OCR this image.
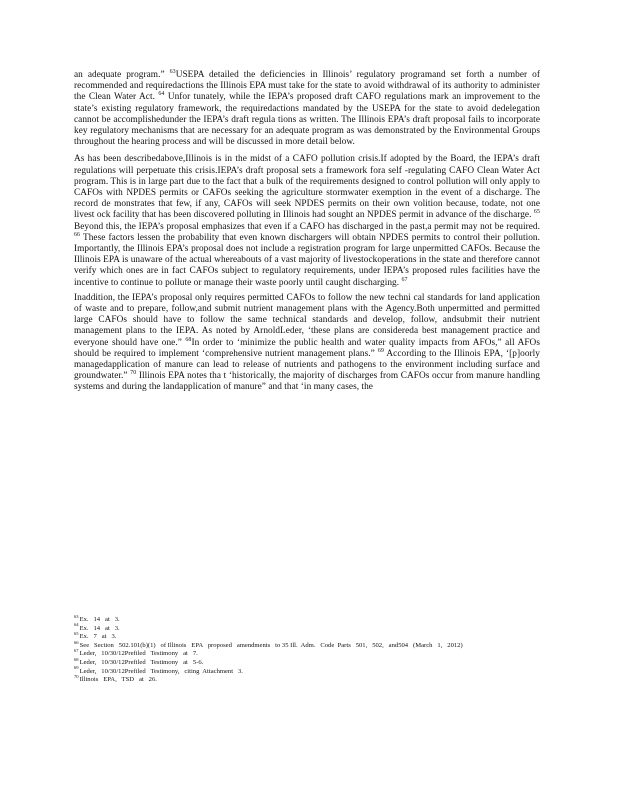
an adequate program.” $^{63}$USEPA detailed the deficiencies in Illinois’ regulatory programand set forth a number of recommended and requiredactions the Illinois EPA must take for the state to avoid withdrawal of its authority to administer the Clean Water Act. $^{64}$ Unfor tunately, while the IEPA’s proposed draft CAFO regulations mark an improvement to the state’s existing regulatory framework, the requiredactions mandated by the USEPA for the state to avoid dedelegation cannot be accomplishedunder the IEPA’s draft regula tions as written. The Illinois EPA’s draft proposal fails to incorporate key regulatory mechanisms that are necessary for an adequate program as was demonstrated by the Environmental Groups throughout the hearing process and will be discussed in more detail below.

As has been describedabove,Illinois is in the midst of a CAFO pollution crisis.If adopted by the Board, the IEPA’s draft regulations will perpetuate this crisis.IEPA’s draft proposal sets a framework fora self -regulating CAFO Clean Water Act program. This is in large part due to the fact that a bulk of the requirements designed to control pollution will only apply to CAFOs with NPDES permits or CAFOs seeking the agriculture stormwater exemption in the event of a discharge. The record de monstrates that few, if any, CAFOs will seek NPDES permits on their own volition because, todate, not one livest ock facility that has been discovered polluting in Illinois had sought an NPDES permit in advance of the discharge. $^{65}$ Beyond this, the IEPA’s proposal emphasizes that even if a CAFO has discharged in the past,a permit may not be required. $^{66}$ These factors lessen the probability that even known dischargers will obtain NPDES permits to control their pollution. Importantly, the Illinois EPA’s proposal does not include a registration program for large unpermitted CAFOs. Because the Illinois EPA is unaware of the actual whereabouts of a vast majority of livestockoperations in the state and therefore cannot verify which ones are in fact CAFOs subject to regulatory requirements, under IEPA’s proposed rules facilities have the incentive to continue to pollute or manage their waste poorly until caught discharging. $^{67}$

Inaddition, the IEPA’s proposal only requires permitted CAFOs to follow the new techni cal standards for land application of waste and to prepare, follow,and submit nutrient management plans with the Agency.Both unpermitted and permitted large CAFOs should have to follow the same technical standards and develop, follow, andsubmit their nutrient management plans to the IEPA. As noted by ArnoldLeder, ‘these plans are considereda best management practice and everyone should have one.” $^{68}$In order to ‘minimize the public health and water quality impacts from AFOs,” all AFOs should be required to implement ‘comprehensive nutrient management plans.” $^{69}$ According to the Illinois EPA, ‘[p]oorly managedapplication of manure can lead to release of nutrients and pathogens to the environment including surface and groundwater.” $^{70}$ Illinois EPA notes tha t ‘historically, the majority of discharges from CAFOs occur from manure handling systems and during the landapplication of manure” and that ‘in many cases, the

$^{63}$Ex.   14   at   3.
$^{64}$Ex.   14   at   3.
$^{65}$Ex.   7   at   3.
$^{66}$See   Section   502.101(b)(1)   of Illinois   EPA   proposed   amendments   to 35 Ill.  Adm.   Code  Parts   501,   502,   and504   (March   1,   2012)
$^{67}$Leder,   10/30/12Prefiled   Testimony   at   7.
$^{68}$Leder,   10/30/12Prefiled   Testimony   at   5-6.
$^{69}$Leder,   10/30/12Prefiled   Testimony,   citing  Attachment   3.
$^{70}$Illinois   EPA,   TSD   at   26.
